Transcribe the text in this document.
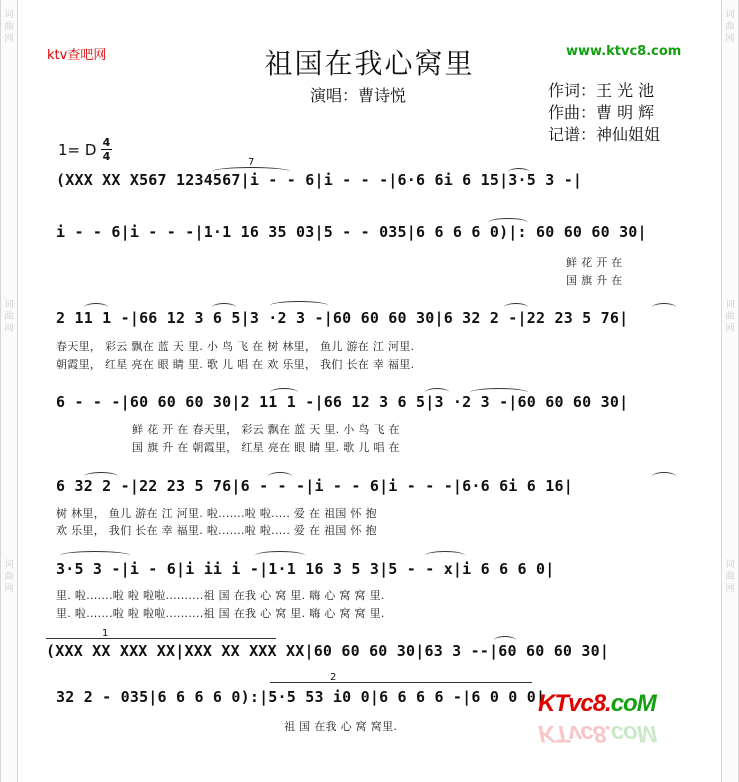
词
曲
网
词
曲
网
词
曲
网
词
曲
网
词
曲
网
词
曲
网
ktv查吧网	www.ktvc8.com
祖国在我心窝里
演唱：曹诗悦	作词：王 光 池
作曲：曹 明 辉
记谱：神仙姐姐
1= D 4
4	7
1
2
(XXX XX X567 1234567|i - - 6|i - - -|6·6 6i 6 15|3·5 3 -|
i - - 6|i - - -|1·1 16 35 03|5 - - 035|6 6 6 6 0)|: 60 60 60 30|
鲜 花 开 在
国 旗 升 在
2 11 1 -|66 12 3 6 5|3 ·2 3 -|60 60 60 30|6 32 2 -|22 23 5 76|
春天里， 彩云 飘在 蓝 天 里. 小 鸟 飞 在 树 林里， 鱼儿 游在 江 河里.
朝霞里， 红星 亮在 眼 睛 里. 歌 儿 唱 在 欢 乐里， 我们 长在 幸 福里.
6 - - -|60 60 60 30|2 11 1 -|66 12 3 6 5|3 ·2 3 -|60 60 60 30|
鲜 花 开 在 春天里， 彩云 飘在 蓝 天 里. 小 鸟 飞 在
国 旗 升 在 朝霞里， 红星 亮在 眼 睛 里. 歌 儿 唱 在
6 32 2 -|22 23 5 76|6 - - -|i - - 6|i - - -|6·6 6i 6 16|
树 林里， 鱼儿 游在 江 河里. 啦.......啦 啦..... 爱 在 祖国 怀 抱
欢 乐里， 我们 长在 幸 福里. 啦.......啦 啦..... 爱 在 祖国 怀 抱
3·5 3 -|i - 6|i ii i -|1·1 16 3 5 3|5 - - x|i 6 6 6 0|
里. 啦.......啦 啦 啦啦..........祖 国 在我 心 窝 里. 嗨 心 窝 窝 里.
里. 啦.......啦 啦 啦啦..........祖 国 在我 心 窝 里. 嗨 心 窝 窝 里.
(XXX XX XXX XX|XXX XX XXX XX|60 60 60 30|63 3 --|60 60 60 30|
32 2 - 035|6 6 6 6 0):|5·5 53 i0 0|6 6 6 6 -|6 0 0 0|
祖 国 在我 心 窝 窝里.
KTvc8.coM
KTvc8.coM
